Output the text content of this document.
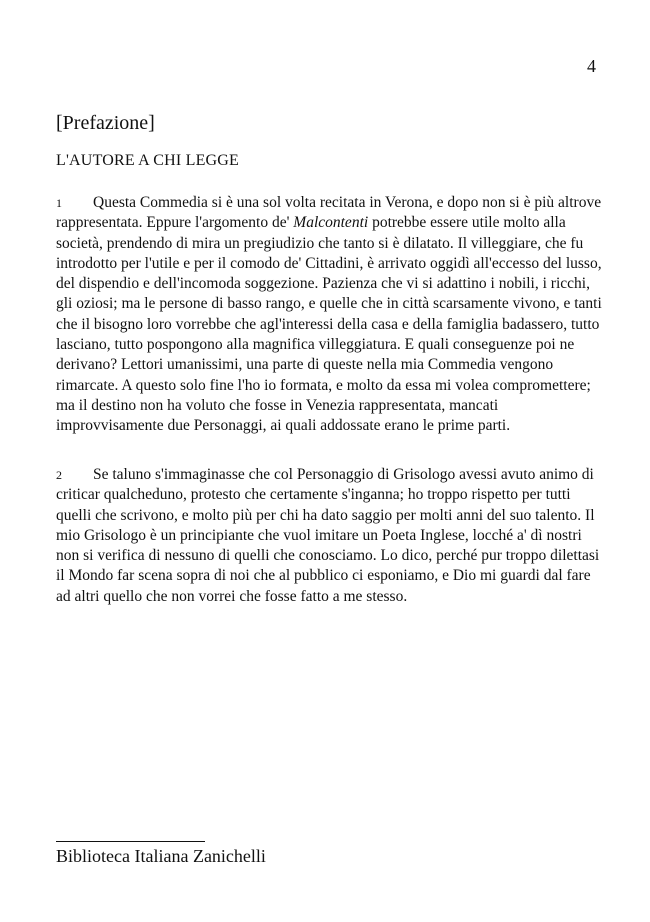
4
[Prefazione]
L'AUTORE A CHI LEGGE

1 Questa Commedia si è una sol volta recitata in Verona, e dopo non si è più altrove rappresentata. Eppure l'argomento de' Malcontenti potrebbe essere utile molto alla società, prendendo di mira un pregiudizio che tanto si è dilatato. Il villeggiare, che fu introdotto per l'utile e per il comodo de' Cittadini, è arrivato oggidì all'eccesso del lusso, del dispendio e dell'incomoda soggezione. Pazienza che vi si adattino i nobili, i ricchi, gli oziosi; ma le persone di basso rango, e quelle che in città scarsamente vivono, e tanti che il bisogno loro vorrebbe che agl'interessi della casa e della famiglia badassero, tutto lasciano, tutto pospongono alla magnifica villeggiatura. E quali conseguenze poi ne derivano? Lettori umanissimi, una parte di queste nella mia Commedia vengono rimarcate. A questo solo fine l'ho io formata, e molto da essa mi volea compromettere; ma il destino non ha voluto che fosse in Venezia rappresentata, mancati improvvisamente due Personaggi, ai quali addossate erano le prime parti.

2 Se taluno s'immaginasse che col Personaggio di Grisologo avessi avuto animo di criticar qualcheduno, protesto che certamente s'inganna; ho troppo rispetto per tutti quelli che scrivono, e molto più per chi ha dato saggio per molti anni del suo talento. Il mio Grisologo è un principiante che vuol imitare un Poeta Inglese, locché a' dì nostri non si verifica di nessuno di quelli che conosciamo. Lo dico, perché pur troppo dilettasi il Mondo far scena sopra di noi che al pubblico ci esponiamo, e Dio mi guardi dal fare ad altri quello che non vorrei che fosse fatto a me stesso.

Biblioteca Italiana Zanichelli
